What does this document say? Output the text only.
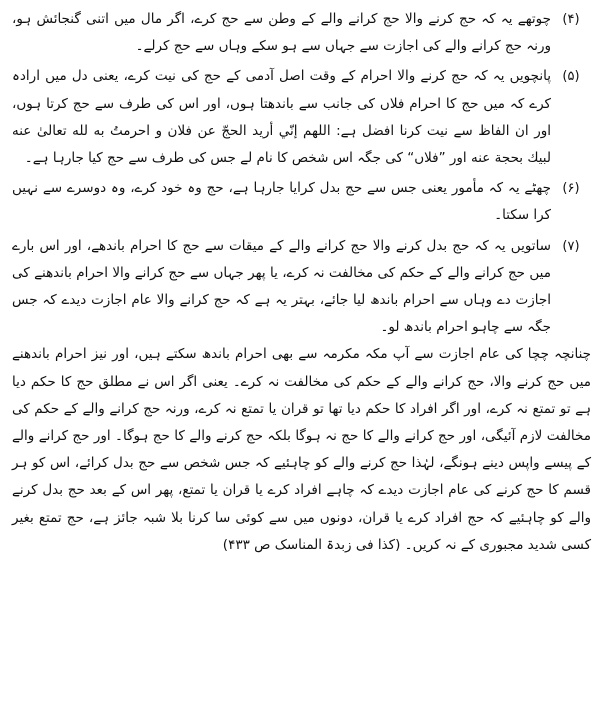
(۴)
چوتھے یہ کہ حج کرنے والا حج کرانے والے کے وطن سے حج کرے، اگر مال میں اتنی گنجائش ہو، ورنہ حج کرانے والے کی اجازت سے جہاں سے ہو سکے وہاں سے حج کرلے۔
(۵)
پانچویں یہ کہ حج کرنے والا احرام کے وقت اصل آدمی کے حج کی نیت کرے، یعنی دل میں ارادہ کرے کہ میں حج کا احرام فلاں کی جانب سے باندھتا ہوں، اور اس کی طرف سے حج کرتا ہوں، اور ان الفاظ سے نیت کرنا افضل ہے: اللھم إنّي أريد الحجّ عن فلان و احرمتُ به لله تعالیٰ عنه لبیك بحجة عنه اور ”فلاں“ کی جگہ اس شخص کا نام لے جس کی طرف سے حج کیا جارہا ہے۔
(۶)
چھٹے یہ کہ مأمور یعنی جس سے حج بدل کرایا جارہا ہے، حج وہ خود کرے، وہ دوسرے سے نہیں کرا سکتا۔
(۷)
ساتویں یہ کہ حج بدل کرنے والا حج کرانے والے کے میقات سے حج کا احرام باندھے، اور اس بارے میں حج کرانے والے کے حکم کی مخالفت نہ کرے، یا پھر جہاں سے حج کرانے والا احرام باندھنے کی اجازت دے وہاں سے احرام باندھ لیا جائے، بہتر یہ ہے کہ حج کرانے والا عام اجازت دیدے کہ جس جگہ سے چاہو احرام باندھ لو۔
چنانچہ چچا کی عام اجازت سے آپ مکہ مکرمہ سے بھی احرام باندھ سکتے ہیں، اور نیز احرام باندھنے میں حج کرنے والا، حج کرانے والے کے حکم کی مخالفت نہ کرے۔ یعنی اگر اس نے مطلق حج کا حکم دیا ہے تو تمتع نہ کرے، اور اگر افراد کا حکم دیا تھا تو قران یا تمتع نہ کرے، ورنہ حج کرانے والے کے حکم کی مخالفت لازم آئیگی، اور حج کرانے والے کا حج نہ ہوگا بلکہ حج کرنے والے کا حج ہوگا۔ اور حج کرانے والے کے پیسے واپس دینے ہونگے، لہٰذا حج کرنے والے کو چاہئیے کہ جس شخص سے حج بدل کرائے، اس کو ہر قسم کا حج کرنے کی عام اجازت دیدے کہ چاہے افراد کرے یا قران یا تمتع، پھر اس کے بعد حج بدل کرنے والے کو چاہئیے کہ حج افراد کرے یا قران، دونوں میں سے کوئی سا کرنا بلا شبہ جائز ہے، حج تمتع بغیر کسی شدید مجبوری کے نہ کریں۔ (کذا فی زبدۃ المناسک ص ۴۳۳)
